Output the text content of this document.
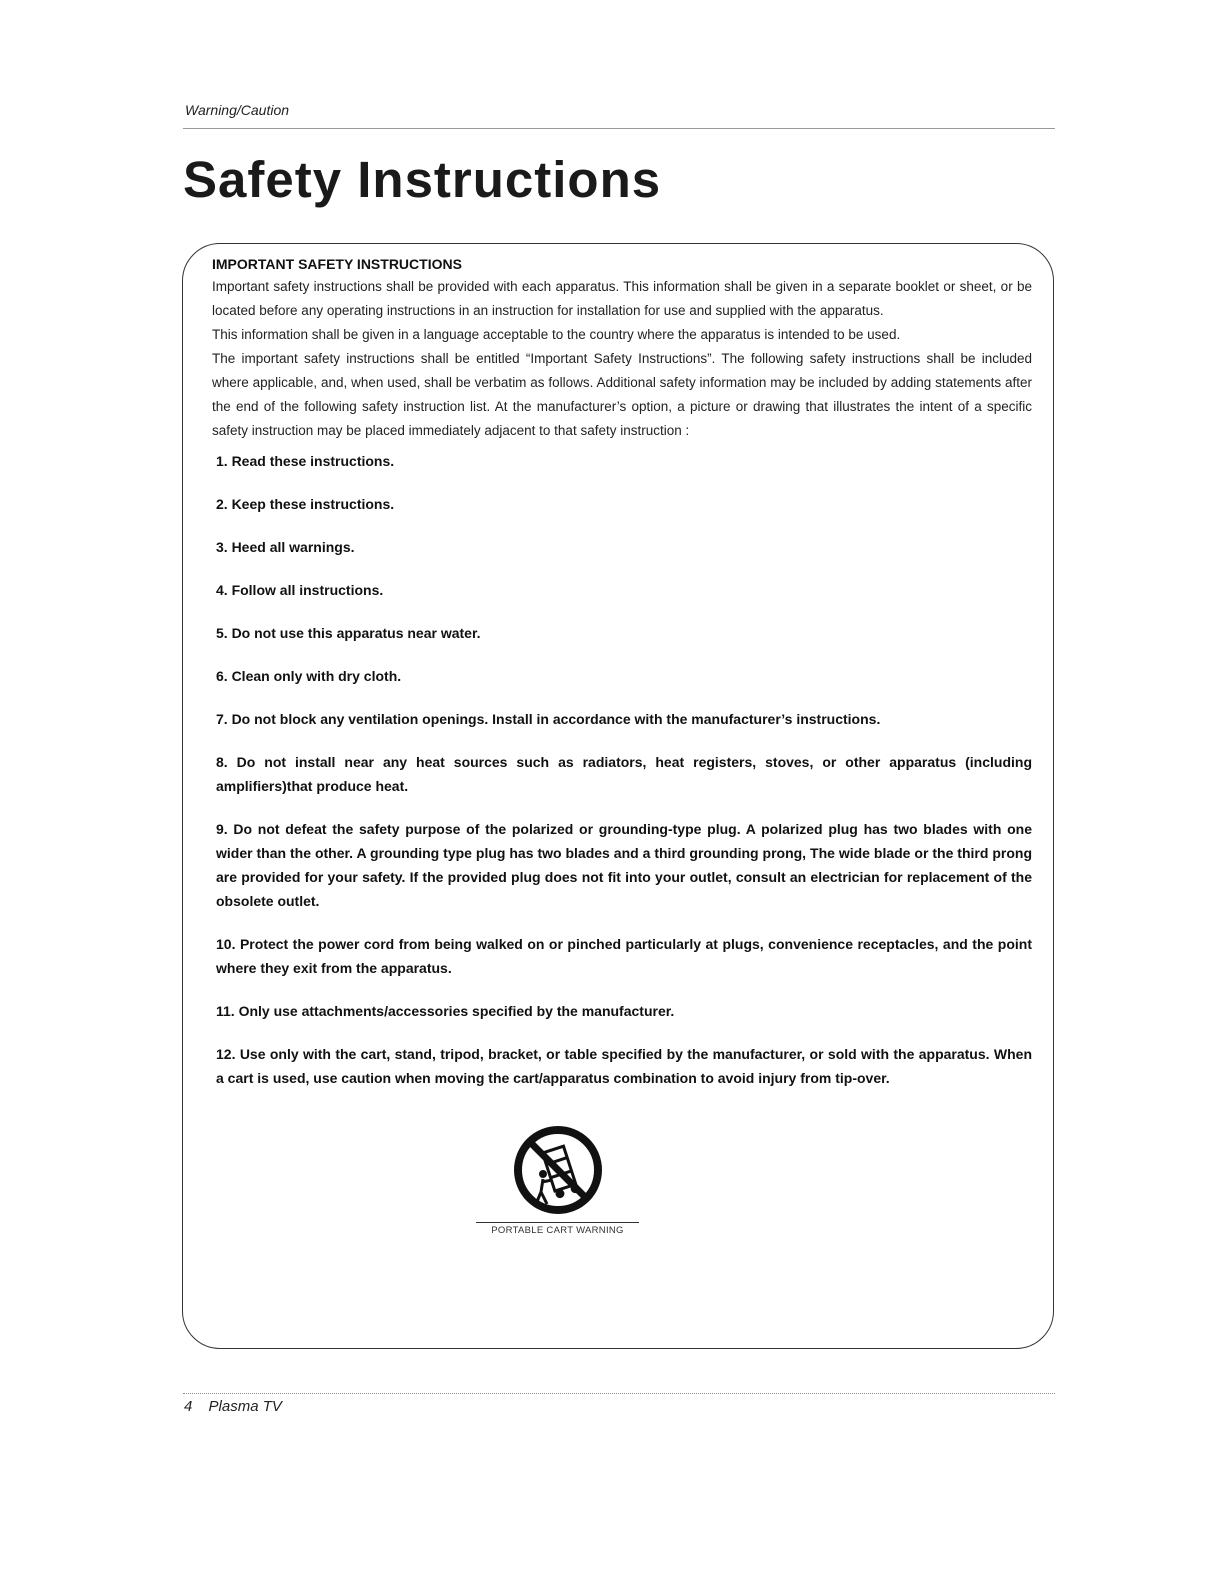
Warning/Caution
Safety Instructions

IMPORTANT SAFETY INSTRUCTIONS

Important safety instructions shall be provided with each apparatus. This information shall be given in a separate booklet or sheet, or be located before any operating instructions in an instruction for installation for use and supplied with the apparatus.

This information shall be given in a language acceptable to the country where the apparatus is intended to be used.

The important safety instructions shall be entitled “Important Safety Instructions”. The following safety instructions shall be included where applicable, and, when used, shall be verbatim as follows. Additional safety information may be included by adding statements after the end of the following safety instruction list. At the manufacturer’s option, a picture or drawing that illustrates the intent of a specific safety instruction may be placed immediately adjacent to that safety instruction :

1. Read these instructions.
2. Keep these instructions.
3. Heed all warnings.
4. Follow all instructions.
5. Do not use this apparatus near water.
6. Clean only with dry cloth.
7. Do not block any ventilation openings. Install in accordance with the manufacturer’s instructions.
8. Do not install near any heat sources such as radiators, heat registers, stoves, or other apparatus (including amplifiers)that produce heat.
9. Do not defeat the safety purpose of the polarized or grounding-type plug. A polarized plug has two blades with one wider than the other. A grounding type plug has two blades and a third grounding prong, The wide blade or the third prong are provided for your safety. If the provided plug does not fit into your outlet, consult an electrician for replacement of the obsolete outlet.
10. Protect the power cord from being walked on or pinched particularly at plugs, convenience receptacles, and the point where they exit from the apparatus.
11. Only use attachments/accessories specified by the manufacturer.
12. Use only with the cart, stand, tripod, bracket, or table specified by the manufacturer, or sold with the apparatus. When a cart is used, use caution when moving the cart/apparatus combination to avoid injury from tip-over.
PORTABLE CART WARNING
4 Plasma TV
